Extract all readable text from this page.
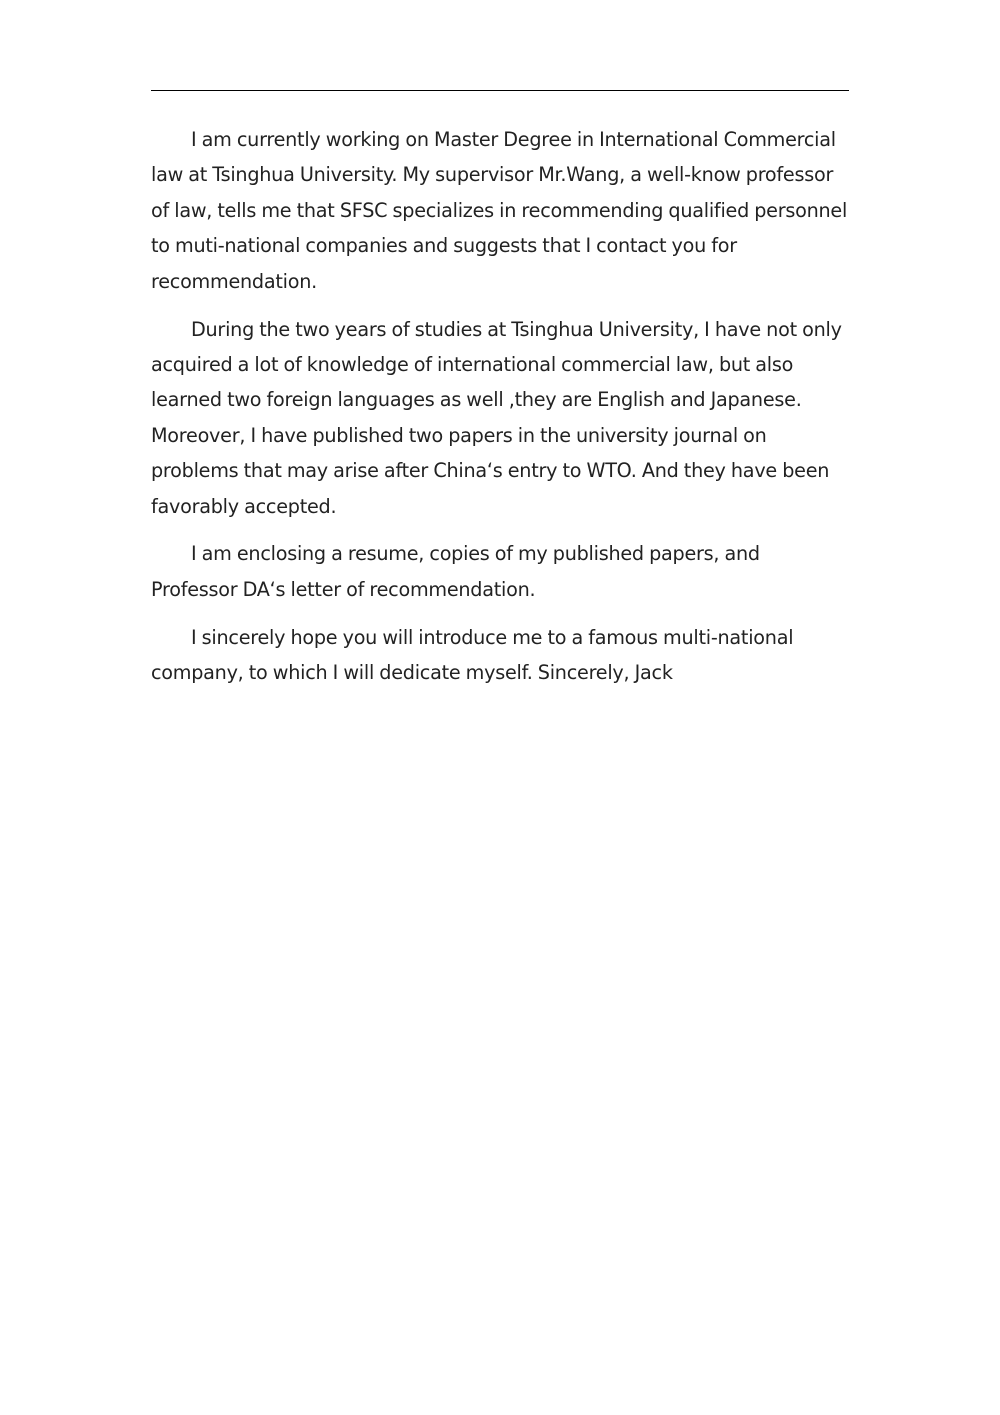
I am currently working on Master Degree in International Commercial law at Tsinghua University. My supervisor Mr.Wang, a well-know professor of law, tells me that SFSC specializes in recommending qualified personnel to muti-national companies and suggests that I contact you for recommendation.

During the two years of studies at Tsinghua University, I have not only acquired a lot of knowledge of international commercial law, but also learned two foreign languages as well ,they are English and Japanese. Moreover, I have published two papers in the university journal on problems that may arise after China‘s entry to WTO. And they have been favorably accepted.

I am enclosing a resume, copies of my published papers, and Professor DA‘s letter of recommendation.

I sincerely hope you will introduce me to a famous multi-national company, to which I will dedicate myself. Sincerely, Jack
